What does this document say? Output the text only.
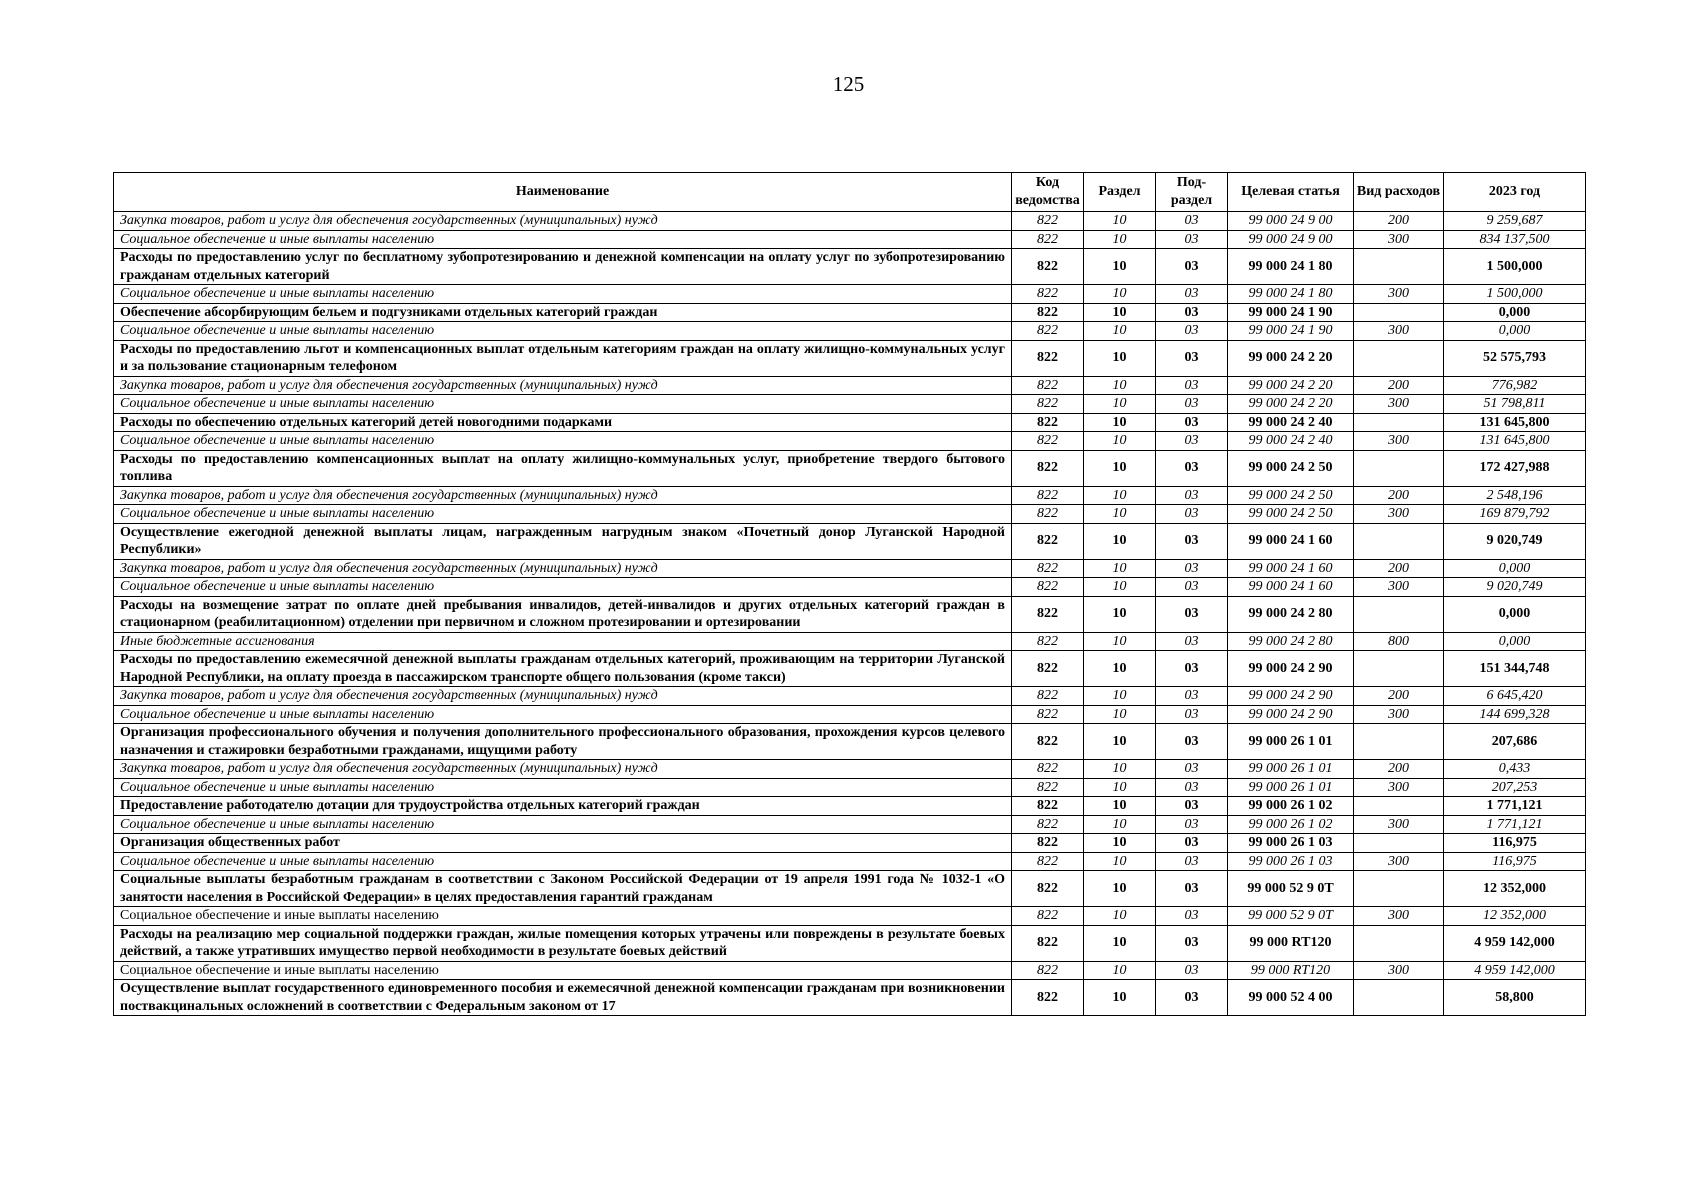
125
Наименование	Код ведомства	Раздел	Под- раздел	Целевая статья	Вид расходов	2023 год
Закупка товаров, работ и услуг для обеспечения государственных (муниципальных) нужд	822	10	03	99 000 24 9 00	200	9 259,687
Социальное обеспечение и иные выплаты населению	822	10	03	99 000 24 9 00	300	834 137,500
Расходы по предоставлению услуг по бесплатному зубопротезированию и денежной компенсации на оплату услуг по зубопротезированию гражданам отдельных категорий	822	10	03	99 000 24 1 80		1 500,000
Социальное обеспечение и иные выплаты населению	822	10	03	99 000 24 1 80	300	1 500,000
Обеспечение абсорбирующим бельем и подгузниками отдельных категорий граждан	822	10	03	99 000 24 1 90		0,000
Социальное обеспечение и иные выплаты населению	822	10	03	99 000 24 1 90	300	0,000
Расходы по предоставлению льгот и компенсационных выплат отдельным категориям граждан на оплату жилищно-коммунальных услуг и за пользование стационарным телефоном	822	10	03	99 000 24 2 20		52 575,793
Закупка товаров, работ и услуг для обеспечения государственных (муниципальных) нужд	822	10	03	99 000 24 2 20	200	776,982
Социальное обеспечение и иные выплаты населению	822	10	03	99 000 24 2 20	300	51 798,811
Расходы по обеспечению отдельных категорий детей новогодними подарками	822	10	03	99 000 24 2 40		131 645,800
Социальное обеспечение и иные выплаты населению	822	10	03	99 000 24 2 40	300	131 645,800
Расходы по предоставлению компенсационных выплат на оплату жилищно-коммунальных услуг, приобретение твердого бытового топлива	822	10	03	99 000 24 2 50		172 427,988
Закупка товаров, работ и услуг для обеспечения государственных (муниципальных) нужд	822	10	03	99 000 24 2 50	200	2 548,196
Социальное обеспечение и иные выплаты населению	822	10	03	99 000 24 2 50	300	169 879,792
Осуществление ежегодной денежной выплаты лицам, награжденным нагрудным знаком «Почетный донор Луганской Народной Республики»	822	10	03	99 000 24 1 60		9 020,749
Закупка товаров, работ и услуг для обеспечения государственных (муниципальных) нужд	822	10	03	99 000 24 1 60	200	0,000
Социальное обеспечение и иные выплаты населению	822	10	03	99 000 24 1 60	300	9 020,749
Расходы на возмещение затрат по оплате дней пребывания инвалидов, детей-инвалидов и других отдельных категорий граждан в стационарном (реабилитационном) отделении при первичном и сложном протезировании и ортезировании	822	10	03	99 000 24 2 80		0,000
Иные бюджетные ассигнования	822	10	03	99 000 24 2 80	800	0,000
Расходы по предоставлению ежемесячной денежной выплаты гражданам отдельных категорий, проживающим на территории Луганской Народной Республики, на оплату проезда в пассажирском транспорте общего пользования (кроме такси)	822	10	03	99 000 24 2 90		151 344,748
Закупка товаров, работ и услуг для обеспечения государственных (муниципальных) нужд	822	10	03	99 000 24 2 90	200	6 645,420
Социальное обеспечение и иные выплаты населению	822	10	03	99 000 24 2 90	300	144 699,328
Организация профессионального обучения и получения дополнительного профессионального образования, прохождения курсов целевого назначения и стажировки безработными гражданами, ищущими работу	822	10	03	99 000 26 1 01		207,686
Закупка товаров, работ и услуг для обеспечения государственных (муниципальных) нужд	822	10	03	99 000 26 1 01	200	0,433
Социальное обеспечение и иные выплаты населению	822	10	03	99 000 26 1 01	300	207,253
Предоставление работодателю дотации для трудоустройства отдельных категорий граждан	822	10	03	99 000 26 1 02		1 771,121
Социальное обеспечение и иные выплаты населению	822	10	03	99 000 26 1 02	300	1 771,121
Организация общественных работ	822	10	03	99 000 26 1 03		116,975
Социальное обеспечение и иные выплаты населению	822	10	03	99 000 26 1 03	300	116,975
Социальные выплаты безработным гражданам в соответствии с Законом Российской Федерации от 19 апреля 1991 года № 1032-1 «О занятости населения в Российской Федерации» в целях предоставления гарантий гражданам	822	10	03	99 000 52 9 0Т		12 352,000
Социальное обеспечение и иные выплаты населению	822	10	03	99 000 52 9 0Т	300	12 352,000
Расходы на реализацию мер социальной поддержки граждан, жилые помещения которых утрачены или повреждены в результате боевых действий, а также утративших имущество первой необходимости в результате боевых действий	822	10	03	99 000 RT120		4 959 142,000
Социальное обеспечение и иные выплаты населению	822	10	03	99 000 RT120	300	4 959 142,000
Осуществление выплат государственного единовременного пособия и ежемесячной денежной компенсации гражданам при возникновении поствакцинальных осложнений в соответствии с Федеральным законом от 17	822	10	03	99 000 52 4 00		58,800
